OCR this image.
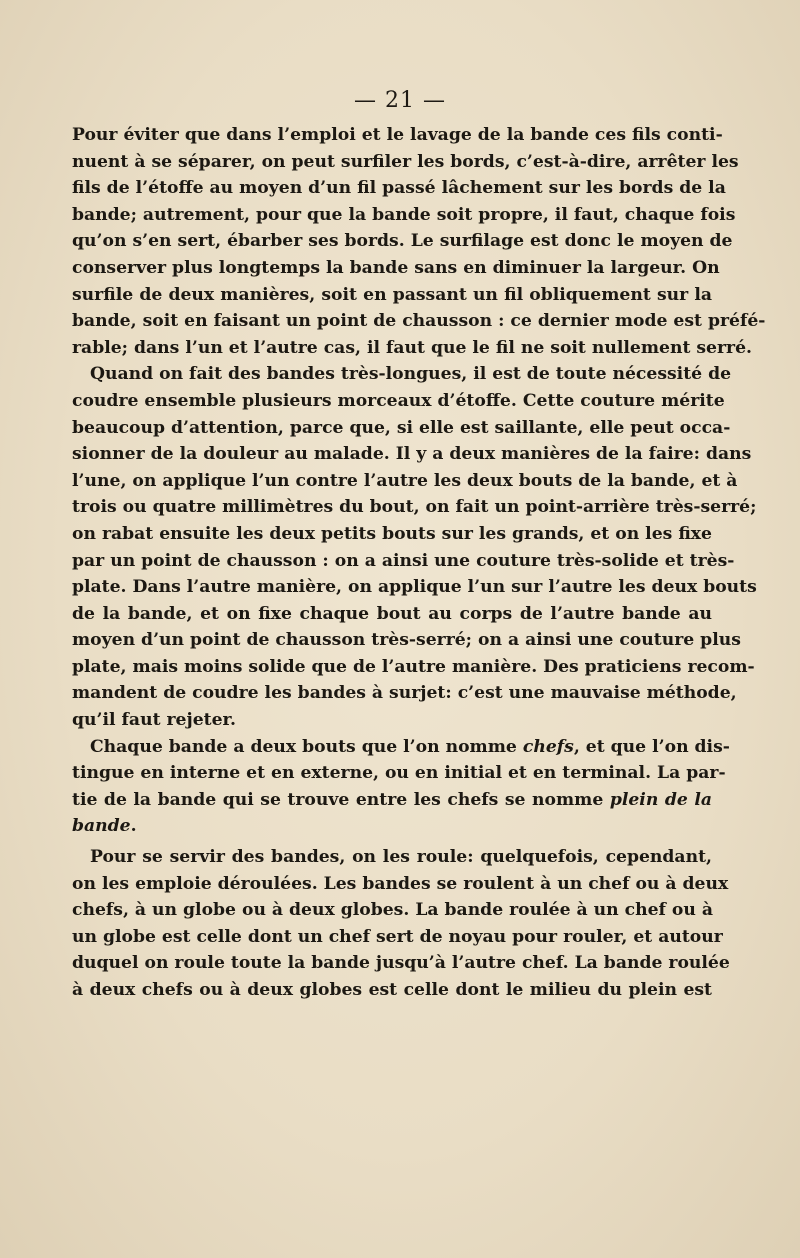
— 21 —
Pour éviter que dans l’emploi et le lavage de la bande ces fils conti-
nuent à se séparer, on peut surfiler les bords, c’est-à-dire, arrêter les
fils de l’étoffe au moyen d’un fil passé lâchement sur les bords de la
bande; autrement, pour que la bande soit propre, il faut, chaque fois
qu’on s’en sert, ébarber ses bords. Le surfilage est donc le moyen de
conserver plus longtemps la bande sans en diminuer la largeur. On
surfile de deux manières, soit en passant un fil obliquement sur la
bande, soit en faisant un point de chausson : ce dernier mode est préfé-
rable; dans l’un et l’autre cas, il faut que le fil ne soit nullement serré.
Quand on fait des bandes très-longues, il est de toute nécessité de
coudre ensemble plusieurs morceaux d’étoffe. Cette couture mérite
beaucoup d’attention, parce que, si elle est saillante, elle peut occa-
sionner de la douleur au malade. Il y a deux manières de la faire: dans
l’une, on applique l’un contre l’autre les deux bouts de la bande, et à
trois ou quatre millimètres du bout, on fait un point-arrière très-serré;
on rabat ensuite les deux petits bouts sur les grands, et on les fixe
par un point de chausson : on a ainsi une couture très-solide et très-
plate. Dans l’autre manière, on applique l’un sur l’autre les deux bouts
de la bande, et on fixe chaque bout au corps de l’autre bande au
moyen d’un point de chausson très-serré; on a ainsi une couture plus
plate, mais moins solide que de l’autre manière. Des praticiens recom-
mandent de coudre les bandes à surjet: c’est une mauvaise méthode,
qu’il faut rejeter.
Chaque bande a deux bouts que l’on nomme chefs, et que l’on dis-
tingue en interne et en externe, ou en initial et en terminal. La par-
tie de la bande qui se trouve entre les chefs se nomme plein de la
bande.
Pour se servir des bandes, on les roule: quelquefois, cependant,
on les emploie déroulées. Les bandes se roulent à un chef ou à deux
chefs, à un globe ou à deux globes. La bande roulée à un chef ou à
un globe est celle dont un chef sert de noyau pour rouler, et autour
duquel on roule toute la bande jusqu’à l’autre chef. La bande roulée
à deux chefs ou à deux globes est celle dont le milieu du plein est
